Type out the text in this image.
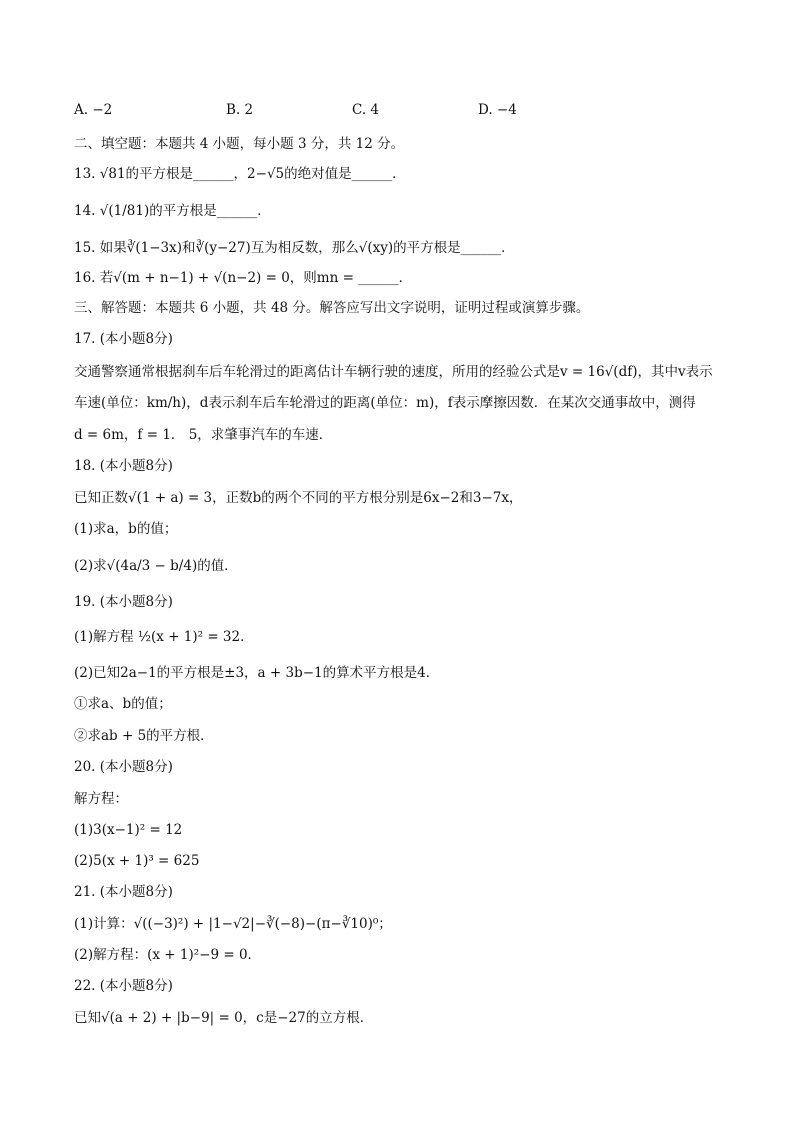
A. −2	B. 2	C. 4	D. −4
二、填空题：本题共 4 小题，每小题 3 分，共 12 分。
13. √81的平方根是______，2−√5的绝对值是______．
14. √(1/81)的平方根是______．
15. 如果∛(1−3x)和∛(y−27)互为相反数，那么√(xy)的平方根是______．
16. 若√(m + n−1) + √(n−2) = 0，则mn = ______．
三、解答题：本题共 6 小题，共 48 分。解答应写出文字说明，证明过程或演算步骤。
17. (本小题8分)
交通警察通常根据刹车后车轮滑过的距离估计车辆行驶的速度，所用的经验公式是v = 16√(df)，其中v表示
车速(单位：km/h)，d表示刹车后车轮滑过的距离(单位：m)，f表示摩擦因数．在某次交通事故中，测得
d = 6m，f = 1． 5，求肇事汽车的车速．
18. (本小题8分)
已知正数√(1 + a) = 3，正数b的两个不同的平方根分别是6x−2和3−7x，
(1)求a，b的值；
(2)求√(4a/3 − b/4)的值．
19. (本小题8分)
(1)解方程 ½(x + 1)² = 32．
(2)已知2a−1的平方根是±3，a + 3b−1的算术平方根是4．
①求a、b的值；
②求ab + 5的平方根．
20. (本小题8分)
解方程：
(1)3(x−1)² = 12
(2)5(x + 1)³ = 625
21. (本小题8分)
(1)计算：√((−3)²) + |1−√2|−∛(−8)−(π−∛10)⁰；
(2)解方程：(x + 1)²−9 = 0．
22. (本小题8分)
已知√(a + 2) + |b−9| = 0，c是−27的立方根．
